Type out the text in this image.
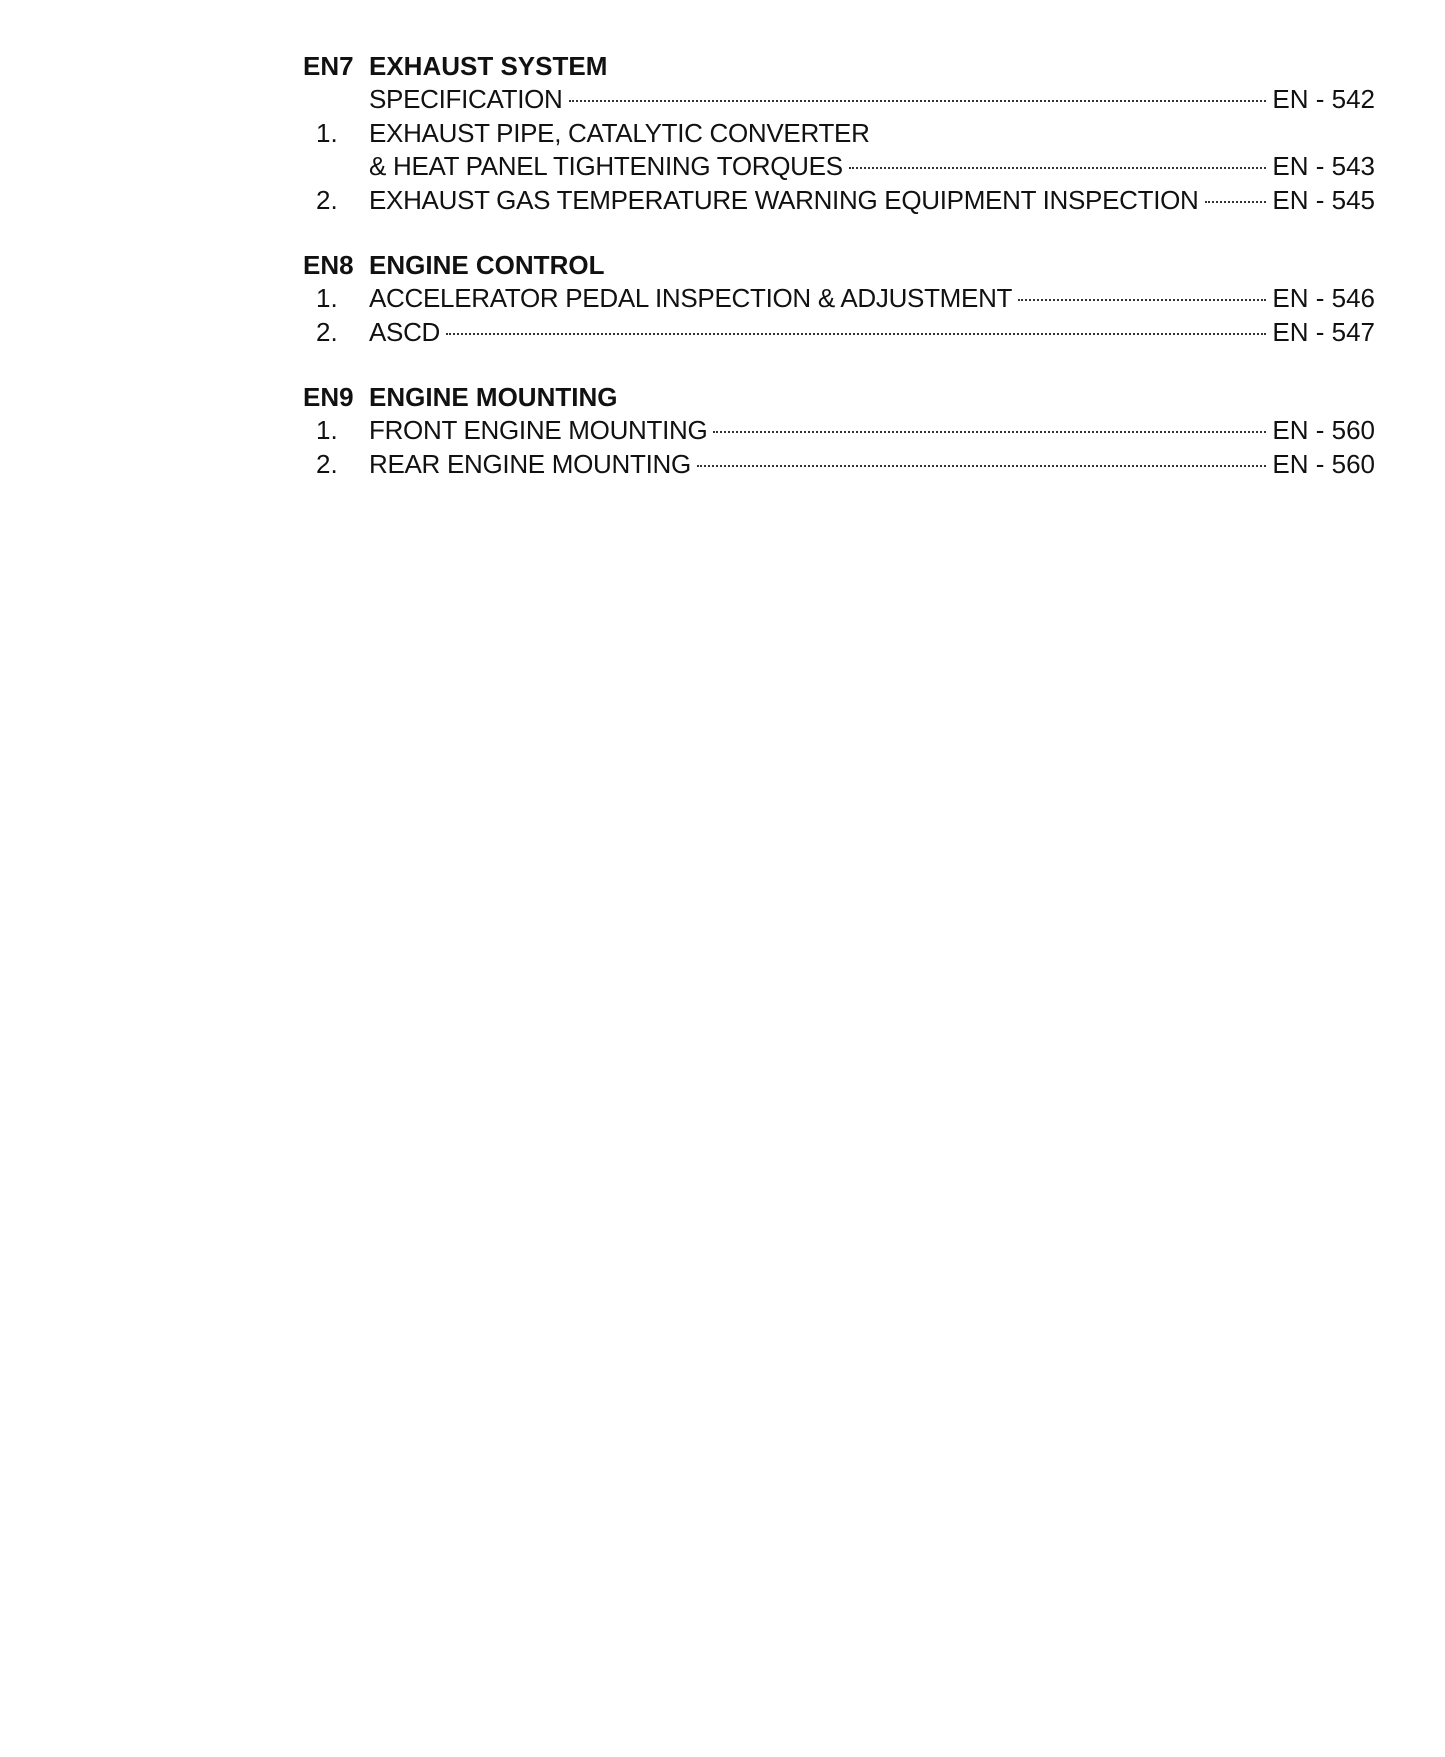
EN7 EXHAUST SYSTEM
SPECIFICATION	EN - 542
1.	EXHAUST PIPE, CATALYTIC CONVERTER
& HEAT PANEL TIGHTENING TORQUES	EN - 543
2.	EXHAUST GAS TEMPERATURE WARNING EQUIPMENT INSPECTION	EN - 545
EN8 ENGINE CONTROL
1.	ACCELERATOR PEDAL INSPECTION & ADJUSTMENT	EN - 546
2.	ASCD	EN - 547
EN9 ENGINE MOUNTING
1.	FRONT ENGINE MOUNTING	EN - 560
2.	REAR ENGINE MOUNTING	EN - 560
